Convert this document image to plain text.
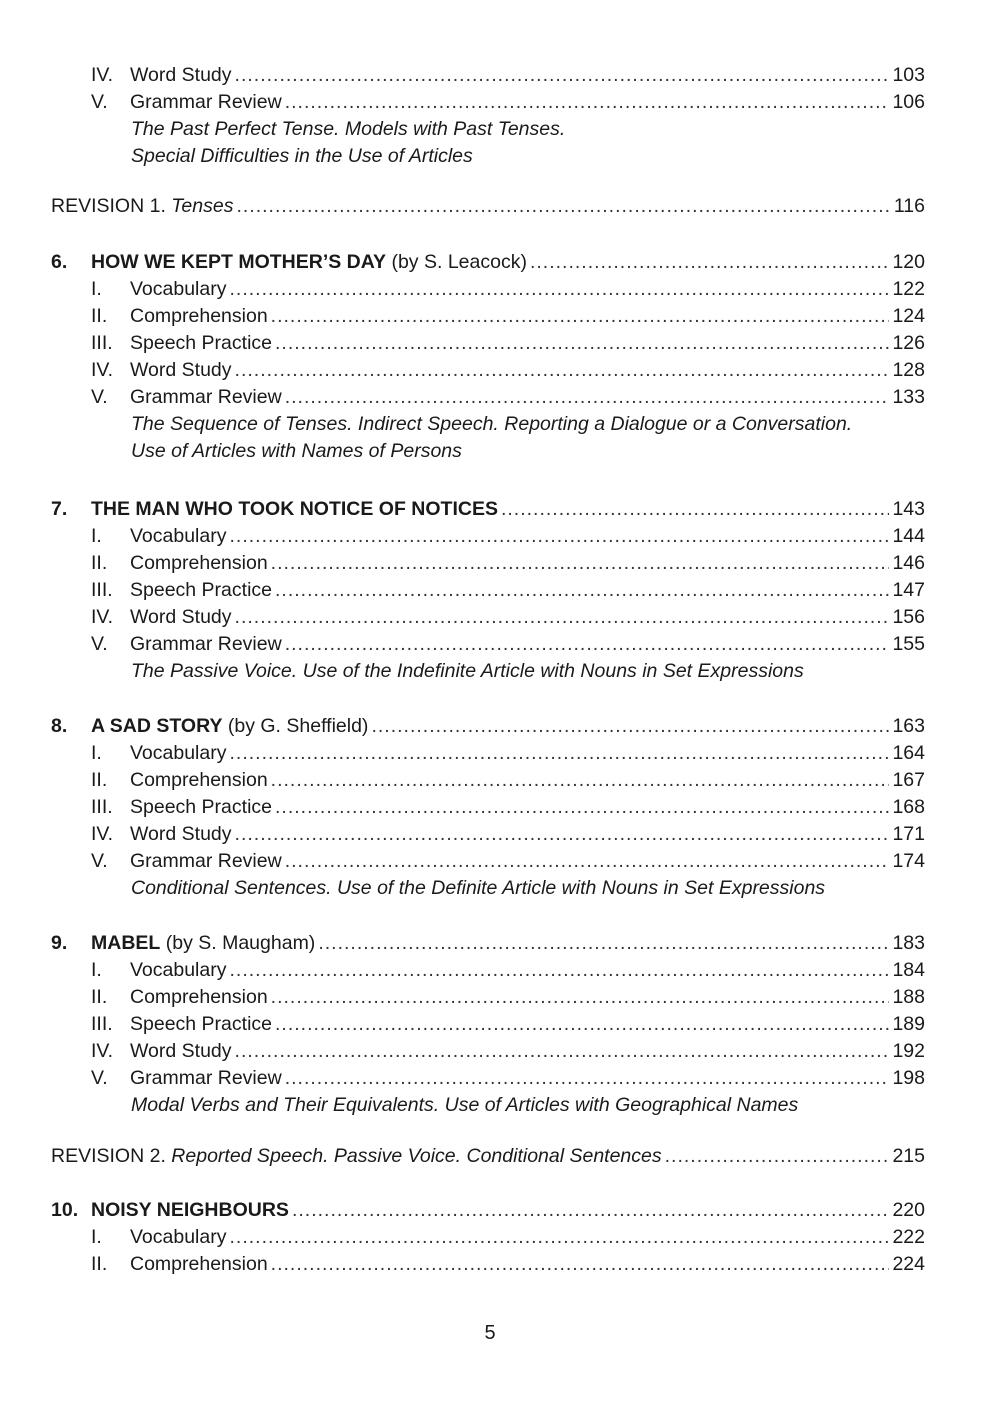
IV. Word Study .....	103
V.	Grammar Review .....	106
The Past Perfect Tense. Models with Past Tenses.
Special Difficulties in the Use of Articles
REVISION 1. Tenses .....	116
6.	HOW WE KEPT MOTHER’S DAY (by S. Leacock) .....	120
I.	Vocabulary .....	122
II.	Comprehension .....	124
III. Speech Practice .....	126
IV. Word Study .....	128
V.	Grammar Review .....	133
The Sequence of Tenses. Indirect Speech. Reporting a Dialogue or a Conversation.
Use of Articles with Names of Persons
7.	THE MAN WHO TOOK NOTICE OF NOTICES .....	143
I.	Vocabulary .....	144
II.	Comprehension .....	146
III. Speech Practice .....	147
IV. Word Study .....	156
V.	Grammar Review .....	155
The Passive Voice. Use of the Indefinite Article with Nouns in Set Expressions
8.	A SAD STORY (by G. Sheffield) .....	163
I.	Vocabulary .....	164
II.	Comprehension .....	167
III. Speech Practice .....	168
IV. Word Study .....	171
V.	Grammar Review .....	174
Conditional Sentences. Use of the Definite Article with Nouns in Set Expressions
9.	MABEL (by S. Maugham) .....	183
I.	Vocabulary .....	184
II.	Comprehension .....	188
III. Speech Practice .....	189
IV. Word Study .....	192
V.	Grammar Review .....	198
Modal Verbs and Their Equivalents. Use of Articles with Geographical Names
REVISION 2. Reported Speech. Passive Voice. Conditional Sentences .....	215
10. NOISY NEIGHBOURS .....	220
I.	Vocabulary .....	222
II.	Comprehension .....	224
5
